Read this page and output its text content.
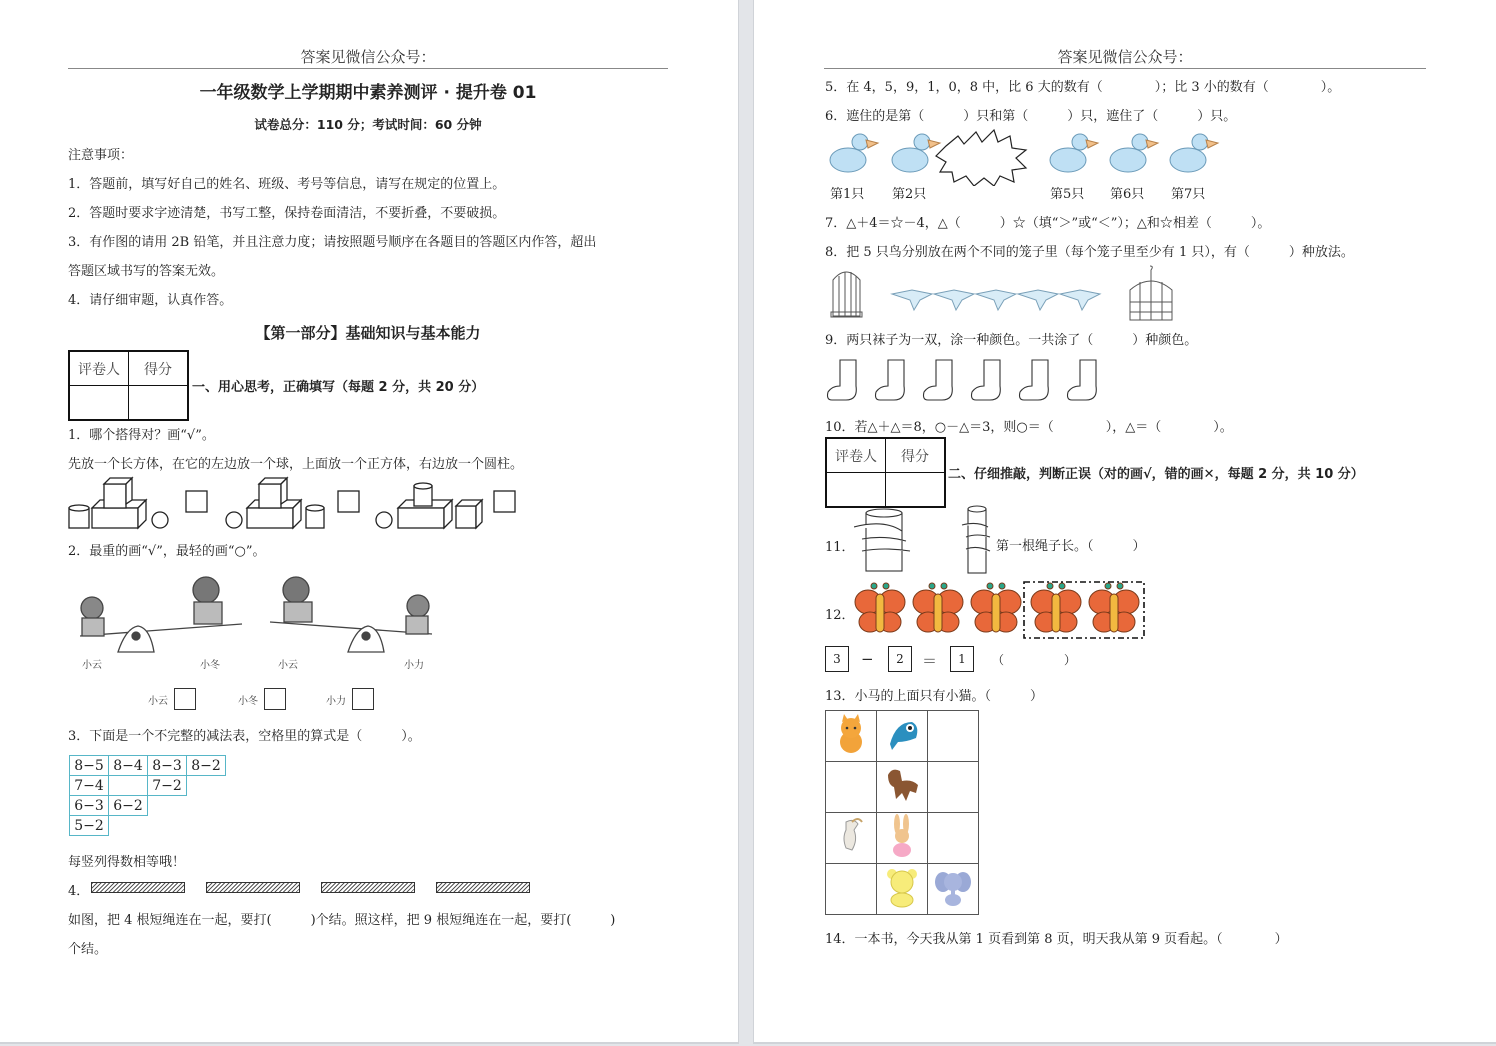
答案见微信公众号：
一年级数学上学期期中素养测评 · 提升卷 01
试卷总分：110 分；考试时间：60 分钟
注意事项：
1．答题前，填写好自己的姓名、班级、考号等信息，请写在规定的位置上。
2．答题时要求字迹清楚，书写工整，保持卷面清洁，不要折叠，不要破损。
3．有作图的请用 2B 铅笔，并且注意力度；请按照题号顺序在各题目的答题区内作答，超出
答题区域书写的答案无效。
4．请仔细审题，认真作答。
【第一部分】基础知识与基本能力
评卷人	得分

一、用心思考，正确填写（每题 2 分，共 20 分）
1．哪个搭得对？画“√”。
先放一个长方体，在它的左边放一个球，上面放一个正方体，右边放一个圆柱。
2．最重的画“√”，最轻的画“○”。
小云	小冬	小云	小力
小云	小冬	小力
3．下面是一个不完整的减法表，空格里的算式是（　　　）。
8−5	8−4	8−3	8−2
7−4		7−2	
6−3	6−2		
5−2			
每竖列得数相等哦！
4．
如图，把 4 根短绳连在一起，要打(　　　)个结。照这样，把 9 根短绳连在一起，要打(　　　)
个结。
答案见微信公众号：
5．在 4，5，9，1，0，8 中，比 6 大的数有（　　　　）；比 3 小的数有（　　　　）。
6．遮住的是第（　　　）只和第（　　　）只，遮住了（　　　）只。
第1只 第2只	第5只 第6只 第7只
7．△＋4＝☆－4，△（　　　）☆（填“＞”或“＜”）；△和☆相差（　　　）。
8．把 5 只鸟分别放在两个不同的笼子里（每个笼子里至少有 1 只），有（　　　）种放法。
9．两只袜子为一双，涂一种颜色。一共涂了（　　　）种颜色。
10．若△＋△＝8，○－△＝3，则○＝（　　　　），△＝（　　　　）。
评卷人	得分

二、仔细推敲，判断正误（对的画√，错的画✕，每题 2 分，共 10 分）
11．	第一根绳子长。（　　　）
12．
3	−	2	＝	1	（　　　　　）
13．小马的上面只有小猫。（　　　）

14．一本书，今天我从第 1 页看到第 8 页，明天我从第 9 页看起。（　　　　）
